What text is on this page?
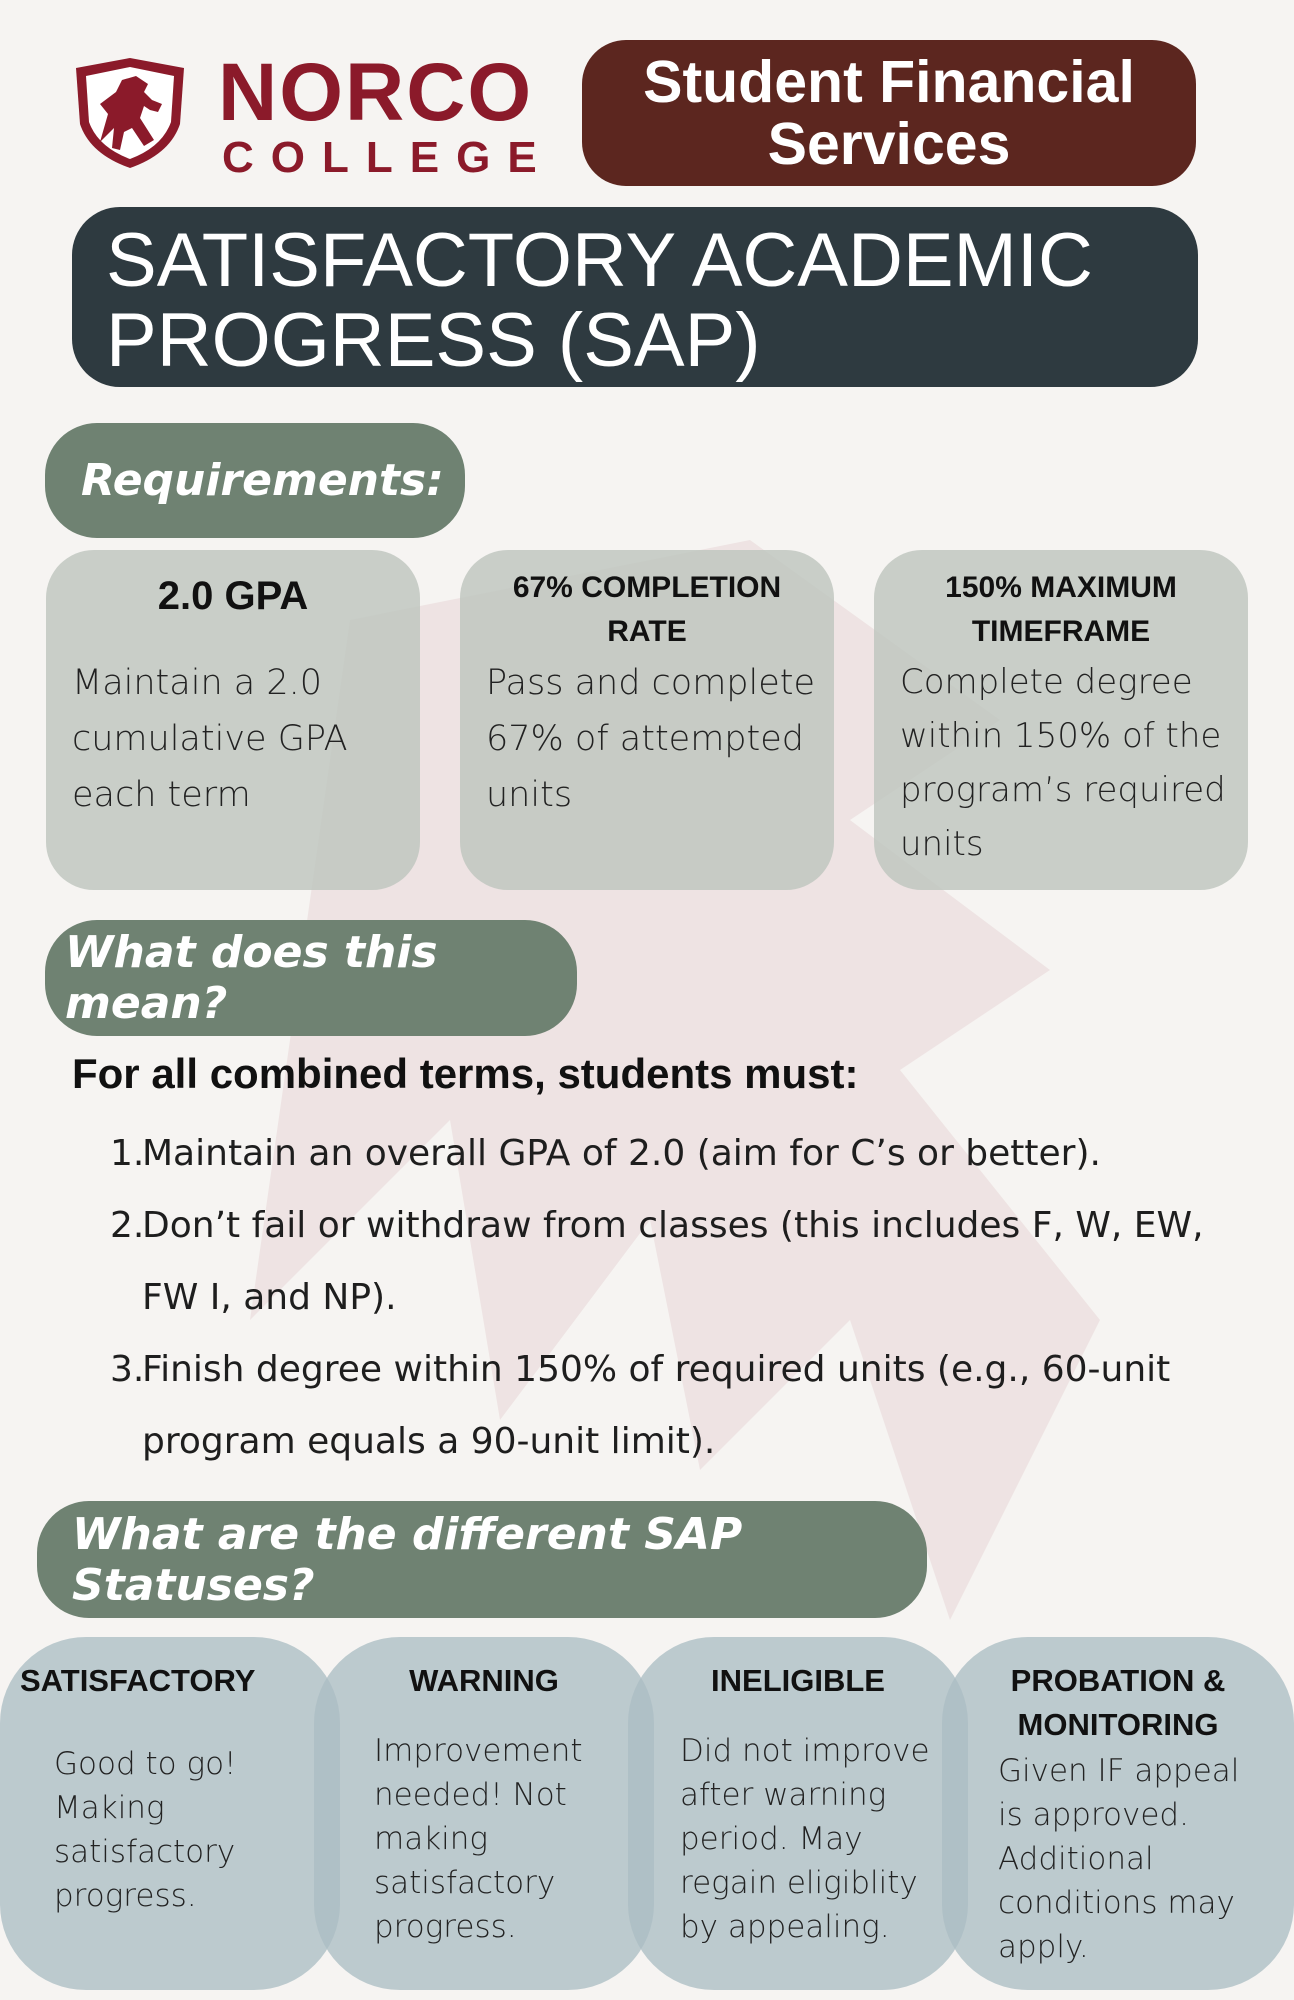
NORCO
COLLEGE
Student Financial Services
SATISFACTORY ACADEMIC PROGRESS (SAP)
Requirements:
2.0 GPA
Maintain a 2.0 cumulative GPA each term
67% COMPLETION RATE
Pass and complete 67% of attempted units
150% MAXIMUM TIMEFRAME
Complete degree within 150% of the program’s required units
What does this mean?
For all combined terms, students must:
1.
Maintain an overall GPA of 2.0 (aim for C’s or better).
2.
Don’t fail or withdraw from classes (this includes F, W, EW, FW I, and NP).
3.
Finish degree within 150% of required units (e.g., 60-unit program equals a 90-unit limit).
What are the different SAP Statuses?
SATISFACTORY
Good to go! Making satisfactory progress.
WARNING
Improvement needed! Not making satisfactory progress.
INELIGIBLE
Did not improve after warning period. May regain eligiblity by appealing.
PROBATION & MONITORING
Given IF appeal is approved. Additional conditions may apply.
